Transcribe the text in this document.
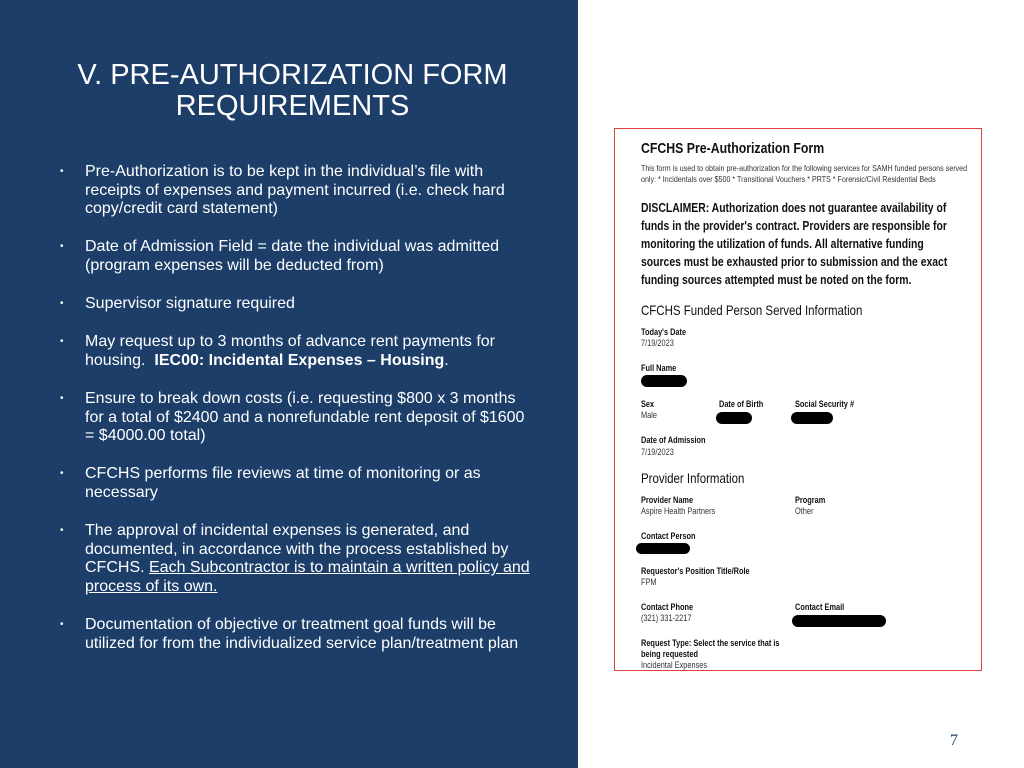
V. PRE-AUTHORIZATION FORM REQUIREMENTS
• Pre-Authorization is to be kept in the individual’s file with receipts of expenses and payment incurred (i.e. check hard copy/credit card statement)
• Date of Admission Field = date the individual was admitted (program expenses will be deducted from)
• Supervisor signature required
• May request up to 3 months of advance rent payments for housing.  IEC00: Incidental Expenses – Housing.
• Ensure to break down costs (i.e. requesting $800 x 3 months for a total of $2400 and a nonrefundable rent deposit of $1600 = $4000.00 total)
• CFCHS performs file reviews at time of monitoring or as necessary
• The approval of incidental expenses is generated, and documented, in accordance with the process established by CFCHS. Each Subcontractor is to maintain a written policy and process of its own.
• Documentation of objective or treatment goal funds will be utilized for from the individualized service plan/treatment plan
CFCHS Pre-Authorization Form
This form is used to obtain pre-authorization for the following services for SAMH funded persons served only: * Incidentals over $500 * Transitional Vouchers * PRTS * Forensic/Civil Residential Beds
DISCLAIMER: Authorization does not guarantee availability of funds in the provider's contract. Providers are responsible for monitoring the utilization of funds. All alternative funding sources must be exhausted prior to submission and the exact funding sources attempted must be noted on the form.
CFCHS Funded Person Served Information
Today's Date
7/19/2023
Full Name
Sex
Male
Date of Birth	Social Security #
Date of Admission
7/19/2023
Provider Information
Provider Name
Aspire Health Partners
Program
Other
Contact Person
Requestor's Position Title/Role
FPM
Contact Phone
(321) 331-2217
Contact Email
Request Type: Select the service that is being requested
Incidental Expenses
7
